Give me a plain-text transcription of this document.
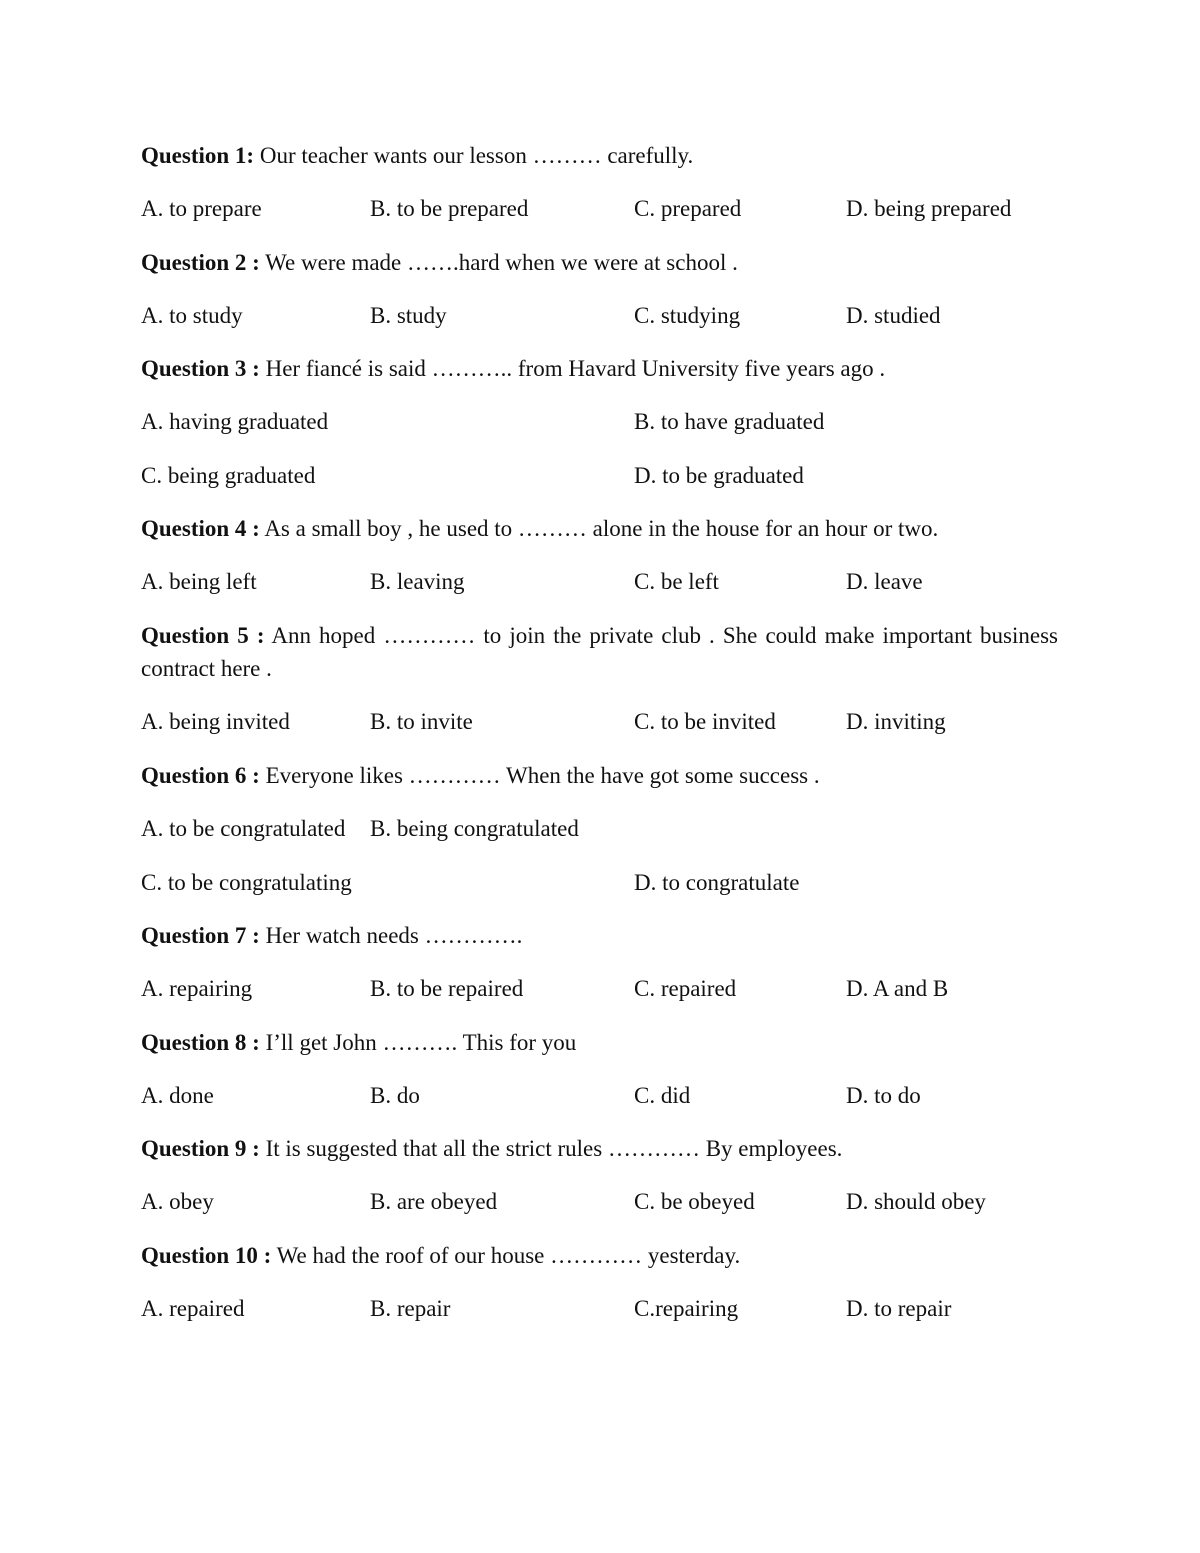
Question 1: Our teacher wants our lesson ……… carefully.
A. to prepare	B. to be prepared	C. prepared	D. being prepared
Question 2 : We were made …….hard when we were at school .
A. to study	B. study	C. studying	D. studied
Question 3 : Her fiancé is said ……….. from Havard University five years ago .
A. having graduated	B. to have graduated
C. being graduated	D. to be graduated
Question 4 : As a small boy , he used to ……… alone in the house for an hour or two.
A. being left	B. leaving	C. be left	D. leave
Question 5 : Ann hoped ………… to join the private club . She could make important business contract here .
A. being invited	B. to invite	C. to be invited	D. inviting
Question 6 : Everyone likes ………… When the have got some success .
A. to be congratulated B. being congratulated
C. to be congratulating	D. to congratulate
Question 7 : Her watch needs ………….
A. repairing	B. to be repaired	C. repaired	D. A and B
Question 8 : I’ll get John ………. This for you
A. done	B. do	C. did	D. to do
Question 9 : It is suggested that all the strict rules ………… By employees.
A. obey	B. are obeyed	C. be obeyed	D. should obey
Question 10 : We had the roof of our house ………… yesterday.
A. repaired	B. repair	C.repairing	D. to repair
